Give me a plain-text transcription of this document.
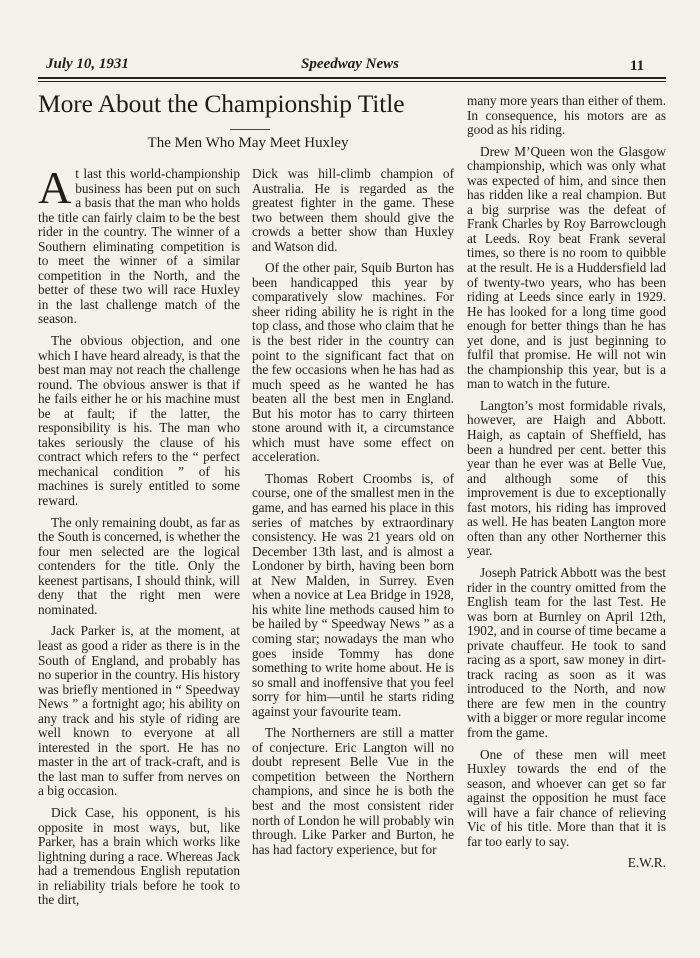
July 10, 1931	Speedway News	11
More About the Championship Title
The Men Who May Meet Huxley

At last this world-championship business has been put on such a basis that the man who holds the title can fairly claim to be the best rider in the country. The winner of a Southern eliminating competition is to meet the winner of a similar competition in the North, and the better of these two will race Huxley in the last challenge match of the season.

The obvious objection, and one which I have heard already, is that the best man may not reach the challenge round. The obvious answer is that if he fails either he or his machine must be at fault; if the latter, the responsibility is his. The man who takes seriously the clause of his contract which refers to the “ perfect mechanical condition ” of his machines is surely entitled to some reward.

The only remaining doubt, as far as the South is concerned, is whether the four men selected are the logical contenders for the title. Only the keenest partisans, I should think, will deny that the right men were nominated.

Jack Parker is, at the moment, at least as good a rider as there is in the South of England, and probably has no superior in the country. His history was briefly mentioned in “ Speedway News ” a fortnight ago; his ability on any track and his style of riding are well known to everyone at all interested in the sport. He has no master in the art of track-craft, and is the last man to suffer from nerves on a big occasion.

Dick Case, his opponent, is his opposite in most ways, but, like Parker, has a brain which works like lightning during a race. Whereas Jack had a tremendous English reputation in reliability trials before he took to the dirt,

Dick was hill-climb champion of Australia. He is regarded as the greatest fighter in the game. These two between them should give the crowds a better show than Huxley and Watson did.

Of the other pair, Squib Burton has been handicapped this year by comparatively slow machines. For sheer riding ability he is right in the top class, and those who claim that he is the best rider in the country can point to the significant fact that on the few occasions when he has had as much speed as he wanted he has beaten all the best men in England. But his motor has to carry thirteen stone around with it, a circumstance which must have some effect on acceleration.

Thomas Robert Croombs is, of course, one of the smallest men in the game, and has earned his place in this series of matches by extraordinary consistency. He was 21 years old on December 13th last, and is almost a Londoner by birth, having been born at New Malden, in Surrey. Even when a novice at Lea Bridge in 1928, his white line methods caused him to be hailed by “ Speedway News ” as a coming star; nowadays the man who goes inside Tommy has done something to write home about. He is so small and inoffensive that you feel sorry for him—until he starts riding against your favourite team.

The Northerners are still a matter of conjecture. Eric Langton will no doubt represent Belle Vue in the competition between the Northern champions, and since he is both the best and the most consistent rider north of London he will probably win through. Like Parker and Burton, he has had factory experience, but for

many more years than either of them. In consequence, his motors are as good as his riding.

Drew M’Queen won the Glasgow championship, which was only what was expected of him, and since then has ridden like a real champion. But a big surprise was the defeat of Frank Charles by Roy Barrowclough at Leeds. Roy beat Frank several times, so there is no room to quibble at the result. He is a Huddersfield lad of twenty-two years, who has been riding at Leeds since early in 1929. He has looked for a long time good enough for better things than he has yet done, and is just beginning to fulfil that promise. He will not win the championship this year, but is a man to watch in the future.

Langton’s most formidable rivals, however, are Haigh and Abbott. Haigh, as captain of Sheffield, has been a hundred per cent. better this year than he ever was at Belle Vue, and although some of this improvement is due to exceptionally fast motors, his riding has improved as well. He has beaten Langton more often than any other Northerner this year.

Joseph Patrick Abbott was the best rider in the country omitted from the English team for the last Test. He was born at Burnley on April 12th, 1902, and in course of time became a private chauffeur. He took to sand racing as a sport, saw money in dirt-track racing as soon as it was introduced to the North, and now there are few men in the country with a bigger or more regular income from the game.

One of these men will meet Huxley towards the end of the season, and whoever can get so far against the opposition he must face will have a fair chance of relieving Vic of his title. More than that it is far too early to say.

E.W.R.
